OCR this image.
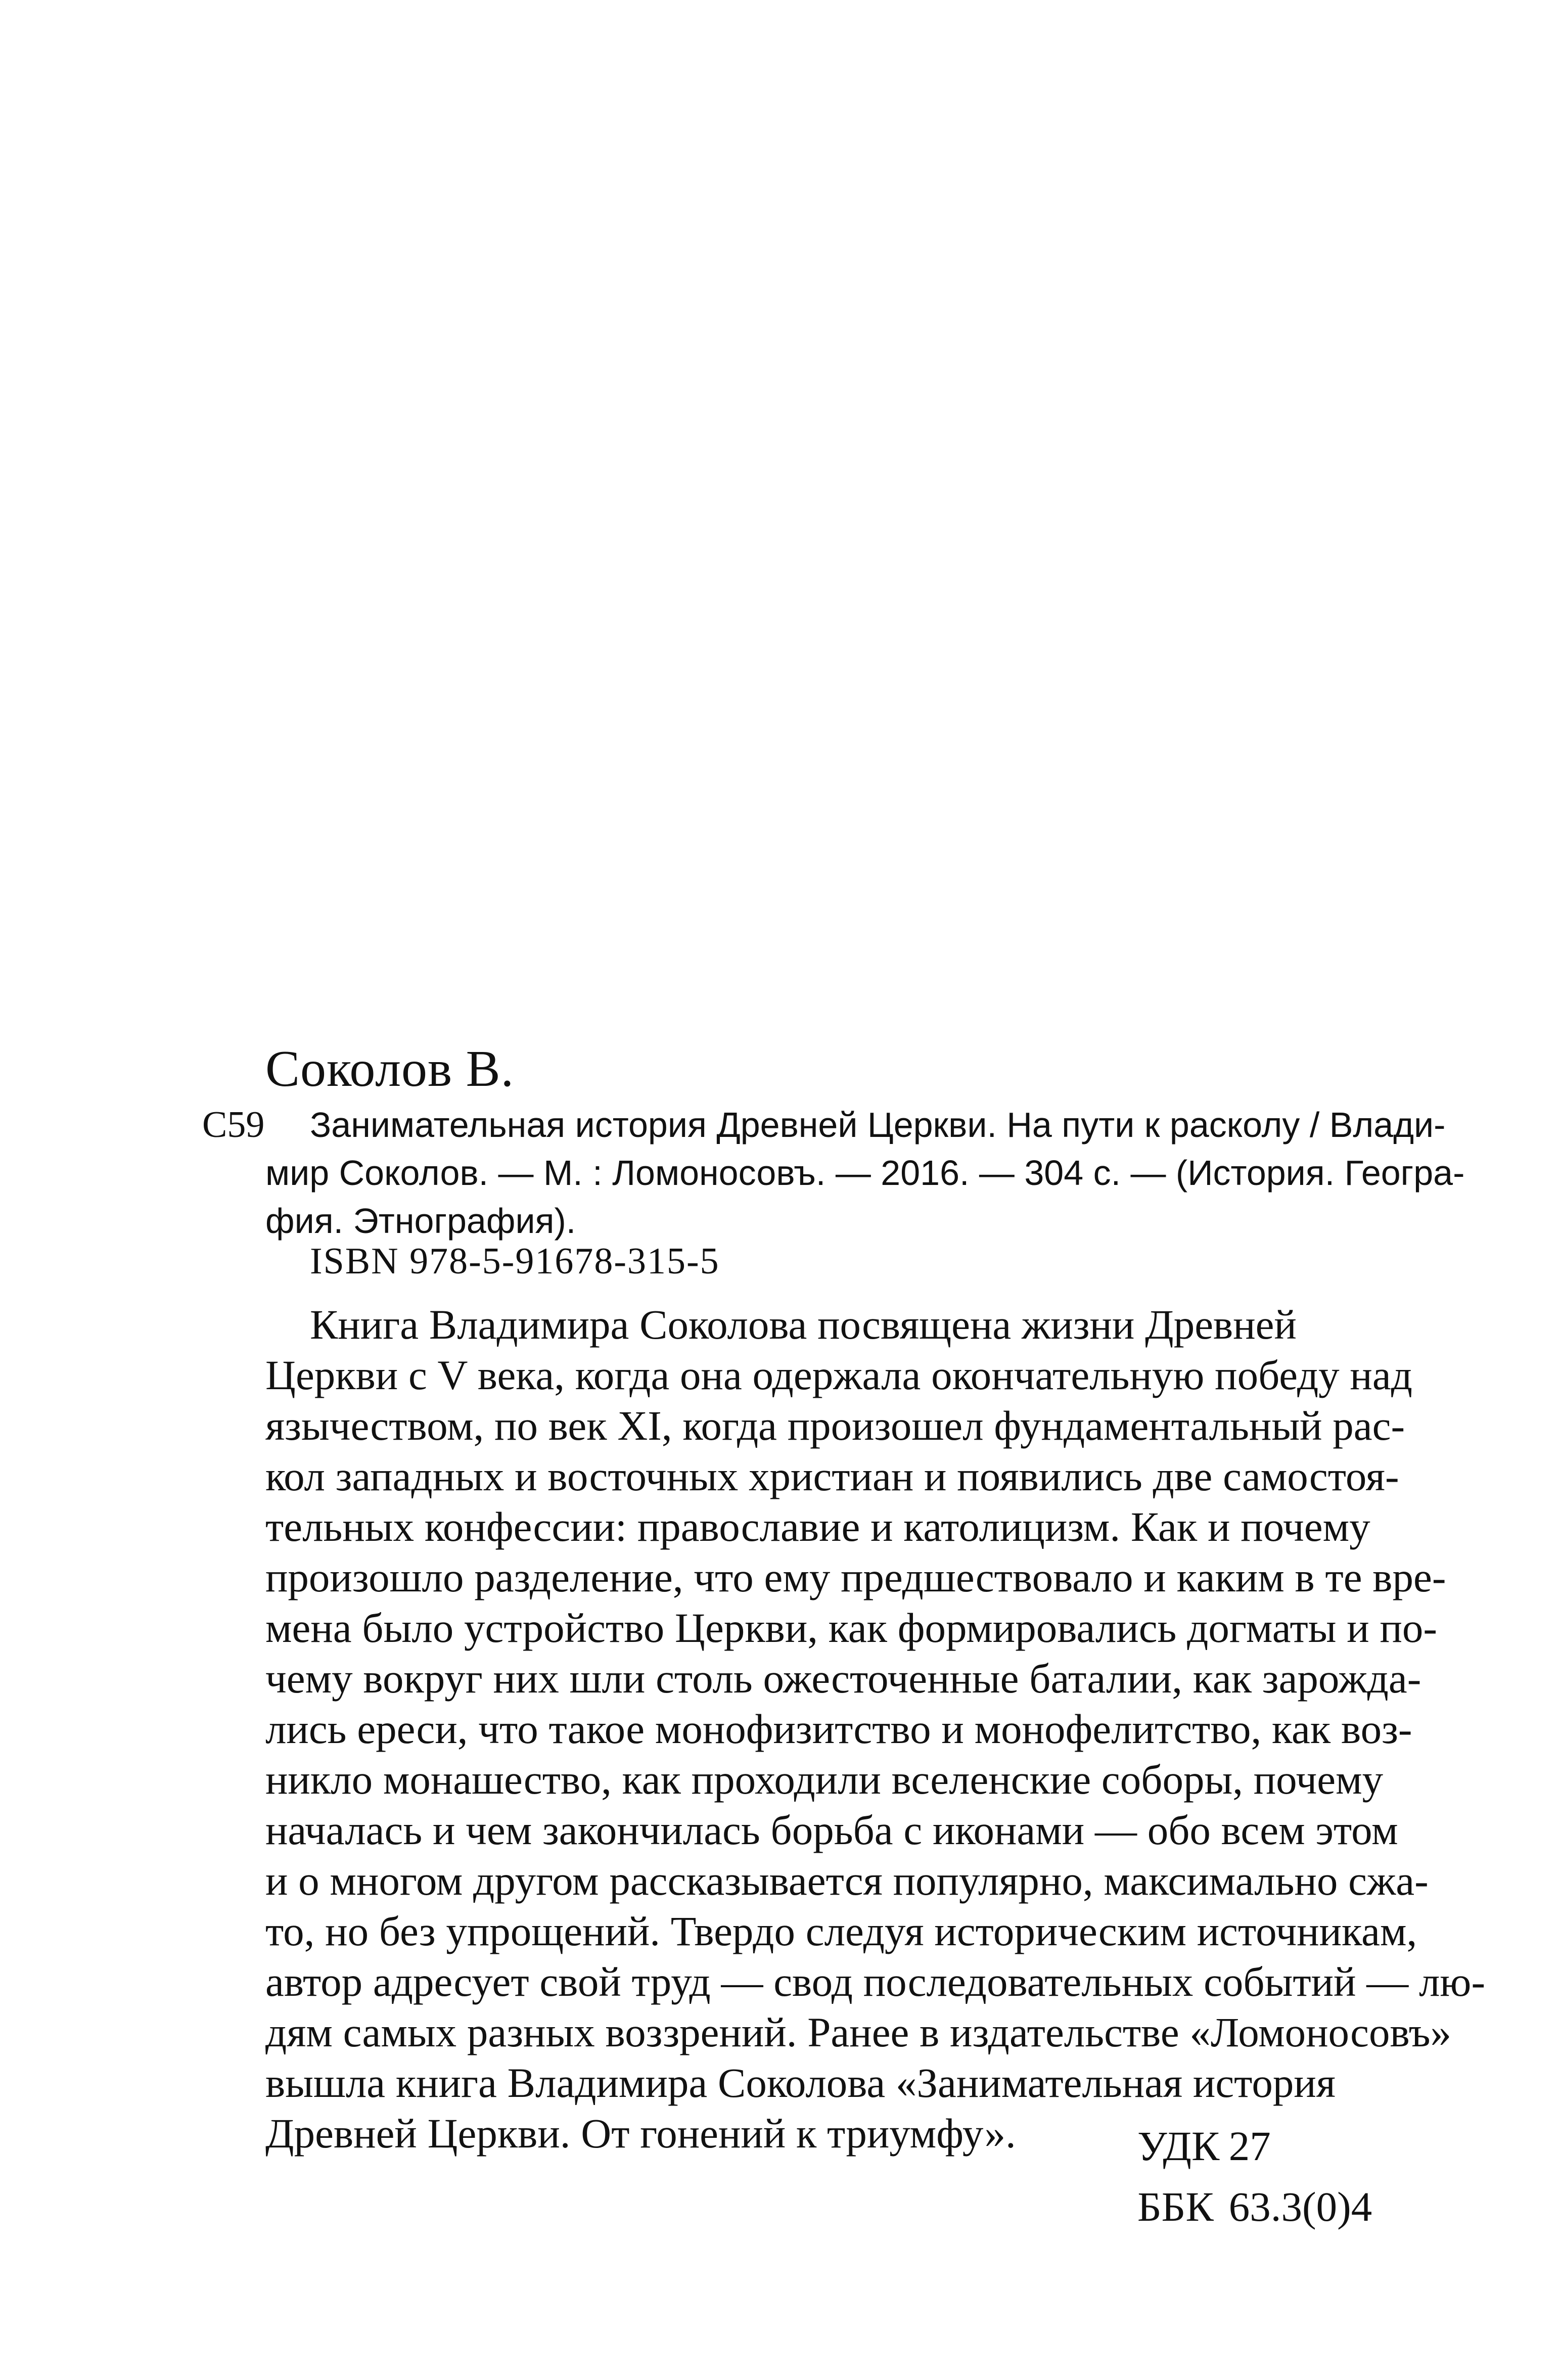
Соколов В.
С59	Занимательная история Древней Церкви. На пути к расколу / Влади-
мир Соколов. — М. : Ломоносовъ. — 2016. — 304 с. — (История. Геогра-
фия. Этнография).
ISBN 978-5-91678-315-5
Книга Владимира Соколова посвящена жизни Древней
Церкви с V века, когда она одержала окончательную победу над
язычеством, по век XI, когда произошел фундаментальный рас-
кол западных и восточных христиан и появились две самостоя-
тельных конфессии: православие и католицизм. Как и почему
произошло разделение, что ему предшествовало и каким в те вре-
мена было устройство Церкви, как формировались догматы и по-
чему вокруг них шли столь ожесточенные баталии, как зарожда-
лись ереси, что такое монофизитство и монофелитство, как воз-
никло монашество, как проходили вселенские соборы, почему
началась и чем закончилась борьба с иконами — обо всем этом
и о многом другом рассказывается популярно, максимально сжа-
то, но без упрощений. Твердо следуя историческим источникам,
автор адресует свой труд — свод последовательных событий — лю-
дям самых разных воззрений. Ранее в издательстве «Ломоносовъ»
вышла книга Владимира Соколова «Занимательная история
Древней Церкви. От гонений к триумфу».	УДК 27
ББК 63.3(0)4
